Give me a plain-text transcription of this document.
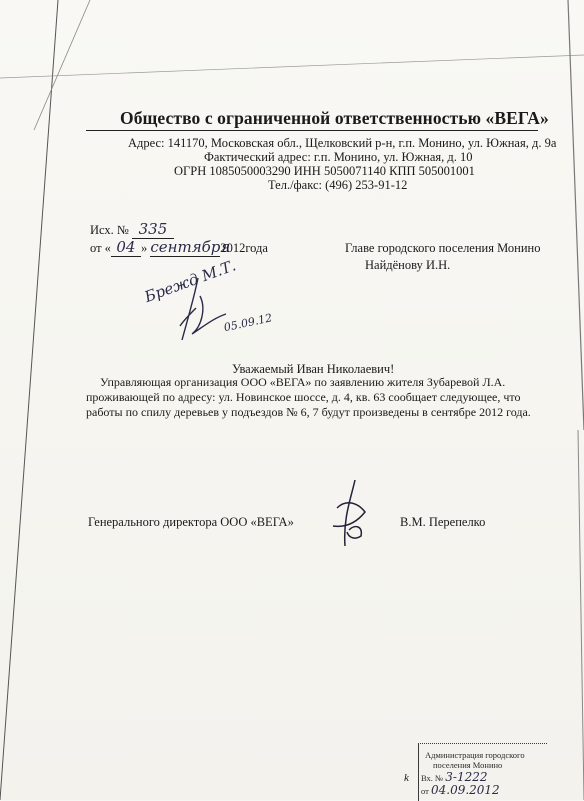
Общество с ограниченной ответственностью «ВЕГА»
Адрес: 141170, Московская обл., Щелковский р-н, г.п. Монино, ул. Южная, д. 9а
Фактический адрес: г.п. Монино, ул. Южная, д. 10
ОГРН 1085050003290 ИНН 5050071140 КПП 505001001
Тел./факс: (496) 253-91-12
Исх. № 335
от « 04 » сентября2012года	Главе городского поселения Монино
Найдёнову И.Н.
Брежд М.Т.
05.09.12
Уважаемый Иван Николаевич!
Управляющая организация ООО «ВЕГА» по заявлению жителя Зубаревой Л.А.
проживающей по адресу: ул. Новинское шоссе, д. 4, кв. 63 сообщает следующее, что
работы по спилу деревьев у подъездов № 6, 7 будут произведены в сентябре 2012 года.
Генерального директора ООО «ВЕГА»	В.М. Перепелко
k
Администрация городского
поселения Монино
Вх. № 3-1222
от 04.09.2012
